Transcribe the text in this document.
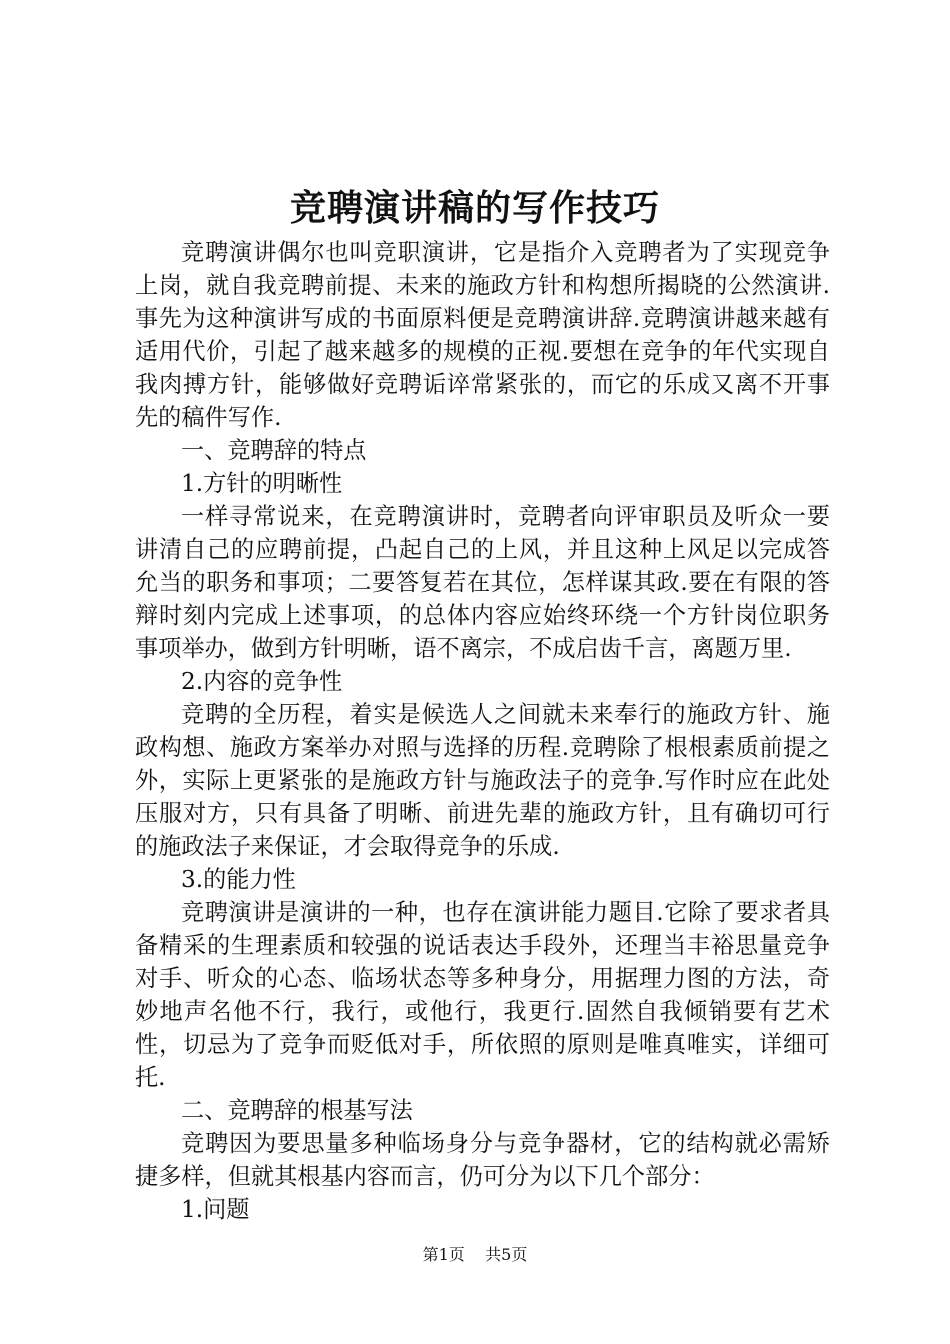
竞聘演讲稿的写作技巧

竞聘演讲偶尔也叫竞职演讲，它是指介入竞聘者为了实现竞争上岗，就自我竞聘前提、未来的施政方针和构想所揭晓的公然演讲.事先为这种演讲写成的书面原料便是竞聘演讲辞.竞聘演讲越来越有适用代价，引起了越来越多的规模的正视.要想在竞争的年代实现自我肉搏方针，能够做好竞聘诟谇常紧张的，而它的乐成又离不开事先的稿件写作.

一、竞聘辞的特点

1.方针的明晰性

一样寻常说来，在竞聘演讲时，竞聘者向评审职员及听众一要讲清自己的应聘前提，凸起自己的上风，并且这种上风足以完成答允当的职务和事项；二要答复若在其位，怎样谋其政.要在有限的答辩时刻内完成上述事项，的总体内容应始终环绕一个方针岗位职务事项举办，做到方针明晰，语不离宗，不成启齿千言，离题万里.

2.内容的竞争性

竞聘的全历程，着实是候选人之间就未来奉行的施政方针、施政构想、施政方案举办对照与选择的历程.竞聘除了根根素质前提之外，实际上更紧张的是施政方针与施政法子的竞争.写作时应在此处压服对方，只有具备了明晰、前进先辈的施政方针，且有确切可行的施政法子来保证，才会取得竞争的乐成.

3.的能力性

竞聘演讲是演讲的一种，也存在演讲能力题目.它除了要求者具备精采的生理素质和较强的说话表达手段外，还理当丰裕思量竞争对手、听众的心态、临场状态等多种身分，用据理力图的方法，奇妙地声名他不行，我行，或他行，我更行.固然自我倾销要有艺术性，切忌为了竞争而贬低对手，所依照的原则是唯真唯实，详细可托.

二、竞聘辞的根基写法

竞聘因为要思量多种临场身分与竞争器材，它的结构就必需矫捷多样，但就其根基内容而言，仍可分为以下几个部分：

1.问题

第1页 共5页
